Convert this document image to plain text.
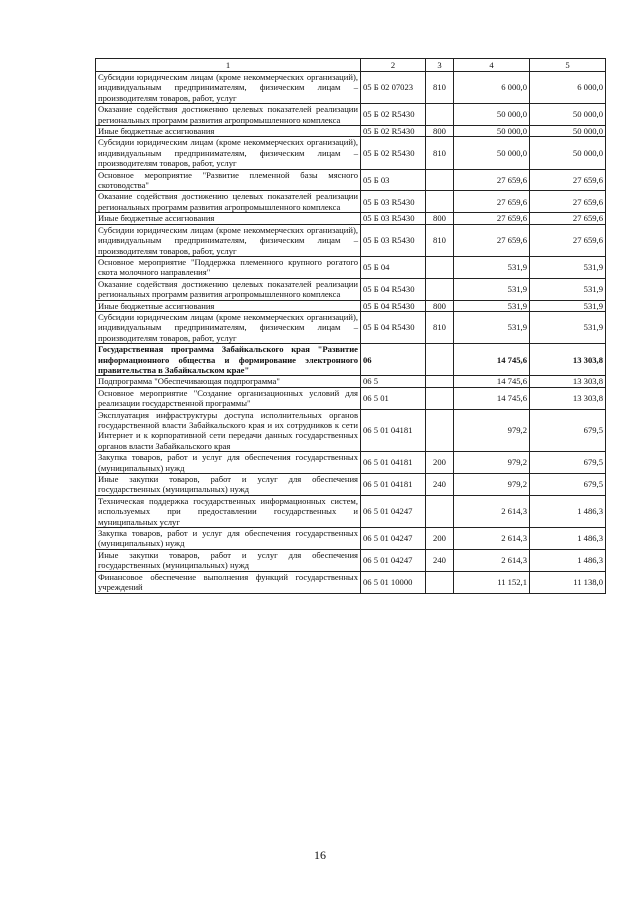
1	2	3	4	5
Субсидии юридическим лицам (кроме некоммерческих организаций), индивидуальным предпринимателям, физическим лицам – производителям товаров, работ, услуг	05 Б 02 07023	810	6 000,0	6 000,0
Оказание содействия достижению целевых показателей реализации региональных программ развития агропромышленного комплекса	05 Б 02 R5430		50 000,0	50 000,0
Иные бюджетные ассигнования	05 Б 02 R5430	800	50 000,0	50 000,0
Субсидии юридическим лицам (кроме некоммерческих организаций), индивидуальным предпринимателям, физическим лицам – производителям товаров, работ, услуг	05 Б 02 R5430	810	50 000,0	50 000,0
Основное мероприятие "Развитие племенной базы мясного скотоводства"	05 Б 03		27 659,6	27 659,6
Оказание содействия достижению целевых показателей реализации региональных программ развития агропромышленного комплекса	05 Б 03 R5430		27 659,6	27 659,6
Иные бюджетные ассигнования	05 Б 03 R5430	800	27 659,6	27 659,6
Субсидии юридическим лицам (кроме некоммерческих организаций), индивидуальным предпринимателям, физическим лицам – производителям товаров, работ, услуг	05 Б 03 R5430	810	27 659,6	27 659,6
Основное мероприятие "Поддержка племенного крупного рогатого скота молочного направления"	05 Б 04		531,9	531,9
Оказание содействия достижению целевых показателей реализации региональных программ развития агропромышленного комплекса	05 Б 04 R5430		531,9	531,9
Иные бюджетные ассигнования	05 Б 04 R5430	800	531,9	531,9
Субсидии юридическим лицам (кроме некоммерческих организаций), индивидуальным предпринимателям, физическим лицам – производителям товаров, работ, услуг	05 Б 04 R5430	810	531,9	531,9
Государственная программа Забайкальского края "Развитие информационного общества и формирование электронного правительства в Забайкальском крае"	06		14 745,6	13 303,8
Подпрограмма "Обеспечивающая подпрограмма"	06 5		14 745,6	13 303,8
Основное мероприятие "Создание организационных условий для реализации государственной программы"	06 5 01		14 745,6	13 303,8
Эксплуатация инфраструктуры доступа исполнительных органов государственной власти Забайкальского края и их сотрудников к сети Интернет и к корпоративной сети передачи данных государственных органов власти Забайкальского края	06 5 01 04181		979,2	679,5
Закупка товаров, работ и услуг для обеспечения государственных (муниципальных) нужд	06 5 01 04181	200	979,2	679,5
Иные закупки товаров, работ и услуг для обеспечения государственных (муниципальных) нужд	06 5 01 04181	240	979,2	679,5
Техническая поддержка государственных информационных систем, используемых при предоставлении государственных и муниципальных услуг	06 5 01 04247		2 614,3	1 486,3
Закупка товаров, работ и услуг для обеспечения государственных (муниципальных) нужд	06 5 01 04247	200	2 614,3	1 486,3
Иные закупки товаров, работ и услуг для обеспечения государственных (муниципальных) нужд	06 5 01 04247	240	2 614,3	1 486,3
Финансовое обеспечение выполнения функций государственных учреждений	06 5 01 10000		11 152,1	11 138,0
16
